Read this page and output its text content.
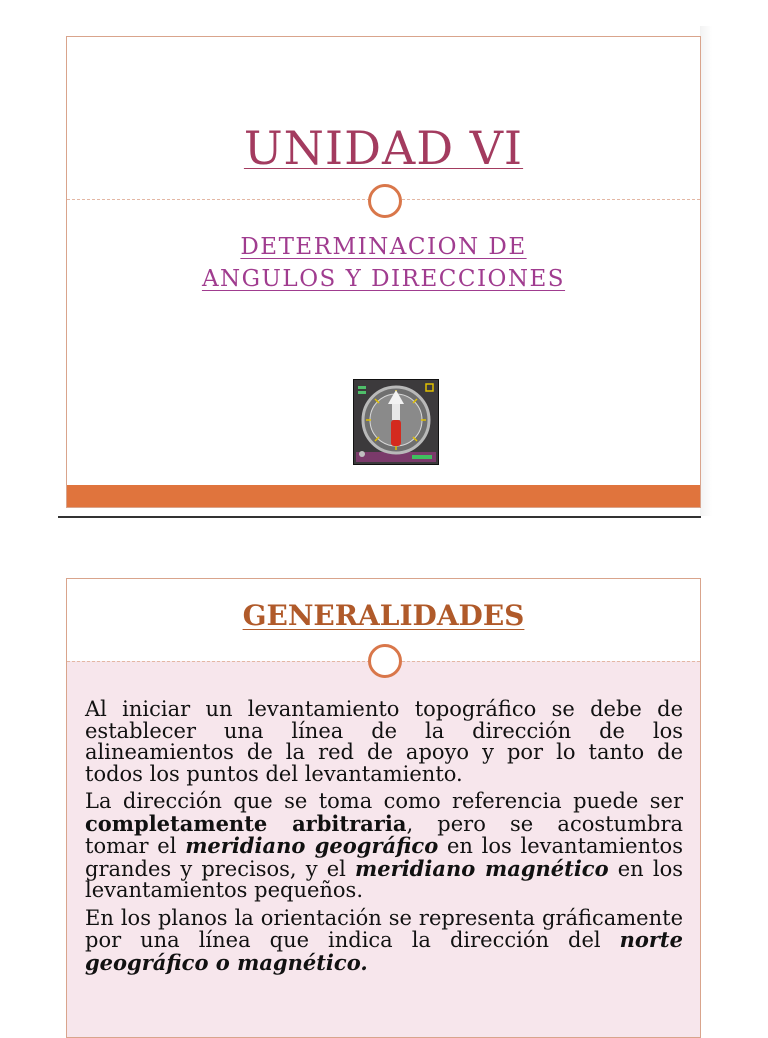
UNIDAD VI
DETERMINACION DE
ANGULOS Y DIRECCIONES
GENERALIDADES

Al iniciar un levantamiento topográfico se debe de establecer una línea de la dirección de los alineamientos de la red de apoyo y por lo tanto de todos los puntos del levantamiento.

La dirección que se toma como referencia puede ser completamente arbitraria, pero se acostumbra tomar el meridiano geográfico en los levantamientos grandes y precisos, y el meridiano magnético en los levantamientos pequeños.

En los planos la orientación se representa gráficamente por una línea que indica la dirección del norte geográfico o magnético.
